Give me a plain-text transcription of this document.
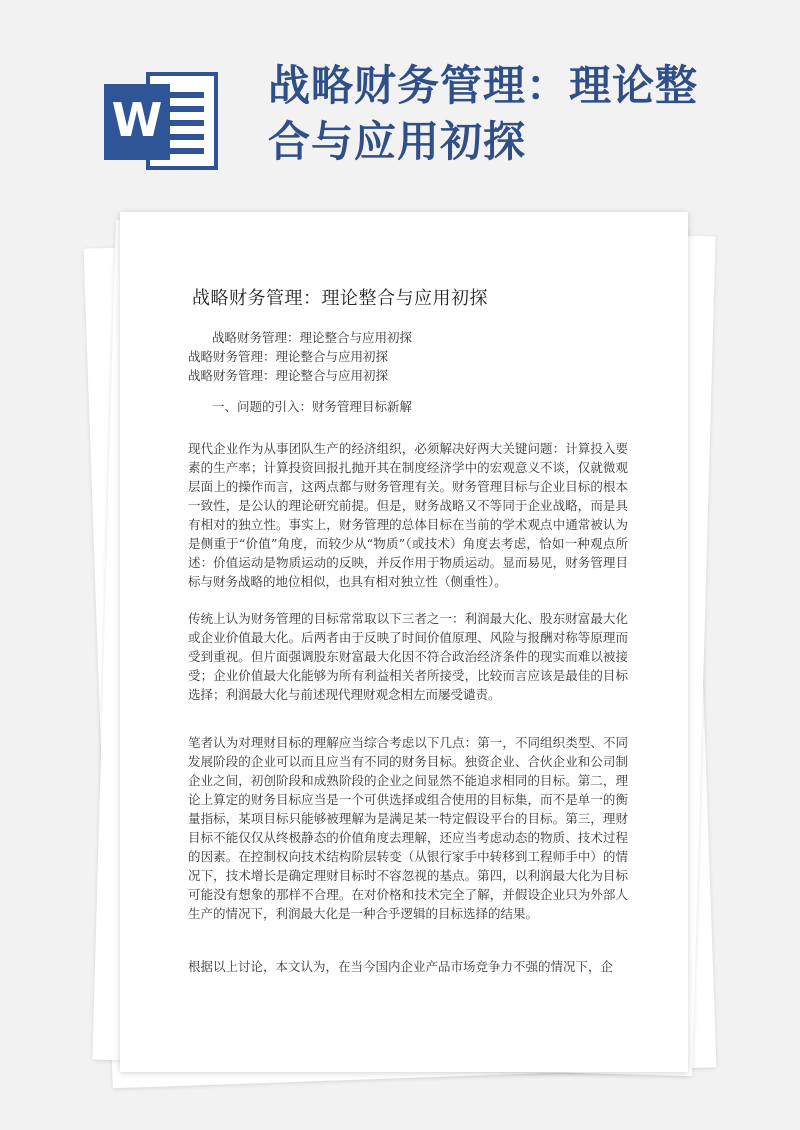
W
战略财务管理：理论整
合与应用初探
战略财务管理：理论整合与应用初探
战略财务管理：理论整合与应用初探
战略财务管理：理论整合与应用初探
战略财务管理：理论整合与应用初探
一、问题的引入：财务管理目标新解
现代企业作为从事团队生产的经济组织，必须解决好两大关键问题：计算投入要素的生产率；计算投资回报扎抛开其在制度经济学中的宏观意义不谈，仅就微观层面上的操作而言，这两点都与财务管理有关。财务管理目标与企业目标的根本一致性，是公认的理论研究前提。但是，财务战略又不等同于企业战略，而是具有相对的独立性。事实上，财务管理的总体目标在当前的学术观点中通常被认为是侧重于“价值”角度，而较少从“物质”（或技术）角度去考虑，恰如一种观点所述：价值运动是物质运动的反映，并反作用于物质运动。显而易见，财务管理目标与财务战略的地位相似，也具有相对独立性（侧重性）。
传统上认为财务管理的目标常常取以下三者之一：利润最大化、股东财富最大化或企业价值最大化。后两者由于反映了时间价值原理、风险与报酬对称等原理而受到重视。但片面强调股东财富最大化因不符合政治经济条件的现实而难以被接受；企业价值最大化能够为所有利益相关者所接受，比较而言应该是最佳的目标选择；利润最大化与前述现代理财观念相左而屡受谴责。
笔者认为对理财目标的理解应当综合考虑以下几点：第一，不同组织类型、不同发展阶段的企业可以而且应当有不同的财务目标。独资企业、合伙企业和公司制企业之间，初创阶段和成熟阶段的企业之间显然不能追求相同的目标。第二，理论上算定的财务目标应当是一个可供选择或组合使用的目标集，而不是单一的衡量指标，某项目标只能够被理解为是满足某一特定假设平台的目标。第三，理财目标不能仅仅从终极静态的价值角度去理解，还应当考虑动态的物质、技术过程的因素。在控制权向技术结构阶层转变（从银行家手中转移到工程师手中）的情况下，技术增长是确定理财目标时不容忽视的基点。第四，以利润最大化为目标可能没有想象的那样不合理。在对价格和技术完全了解，并假设企业只为外部人生产的情况下，利润最大化是一种合乎逻辑的目标选择的结果。
根据以上讨论，本文认为，在当今国内企业产品市场竞争力不强的情况下，企
